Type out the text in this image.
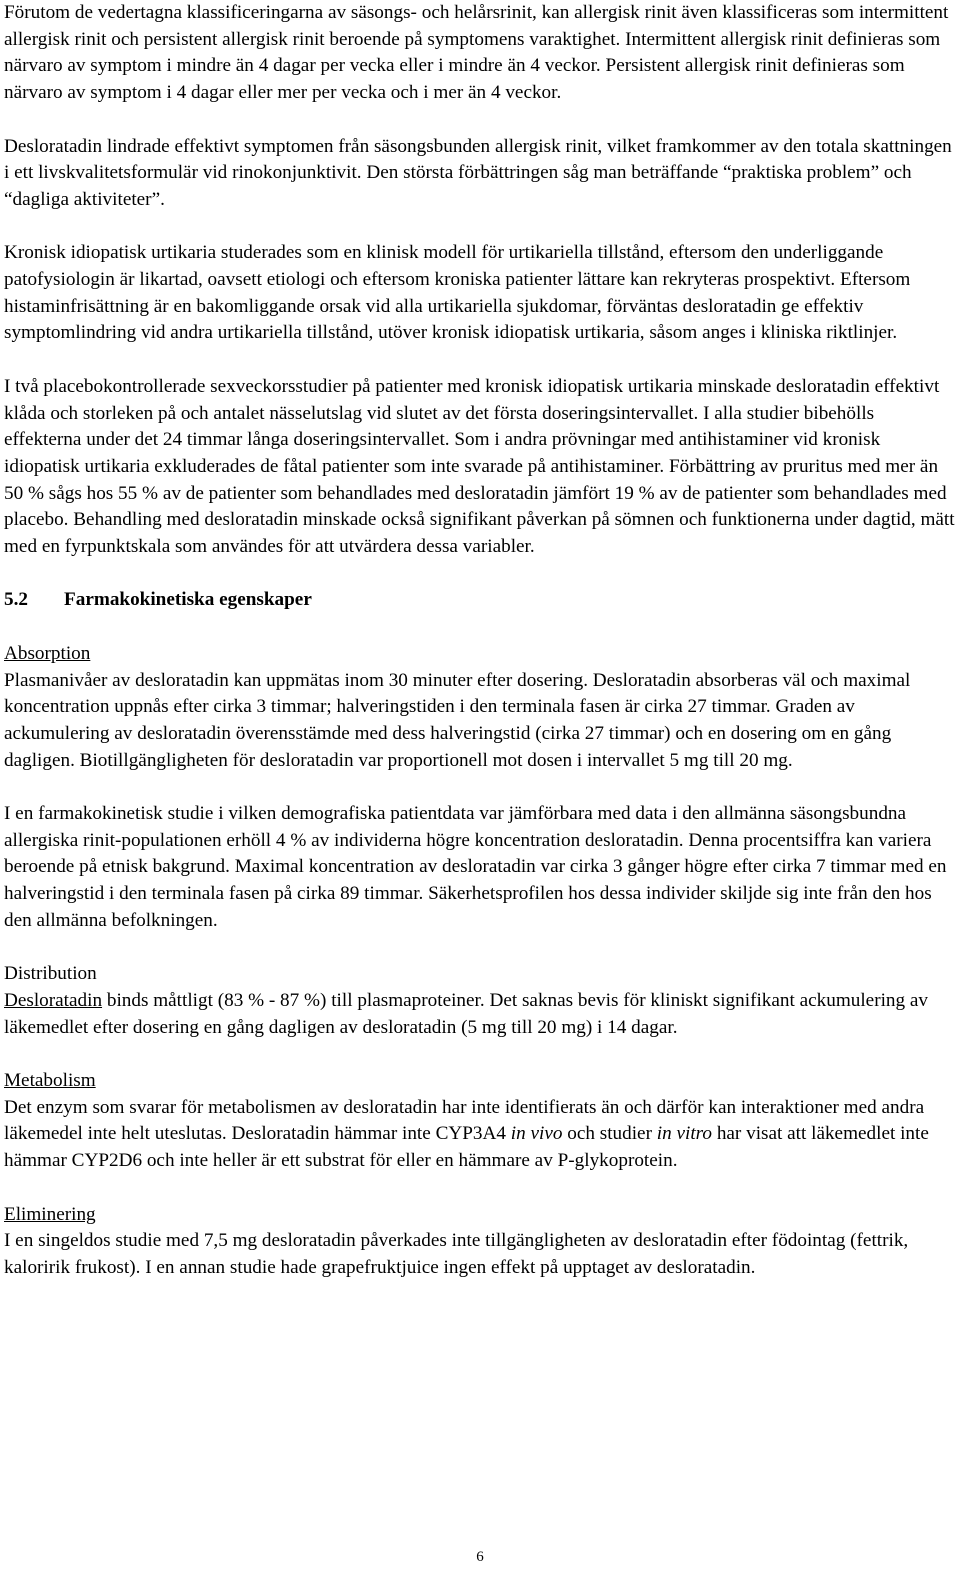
Förutom de vedertagna klassificeringarna av säsongs- och helårsrinit, kan allergisk rinit även klassificeras som intermittent allergisk rinit och persistent allergisk rinit beroende på symptomens varaktighet. Intermittent allergisk rinit definieras som närvaro av symptom i mindre än 4 dagar per vecka eller i mindre än 4 veckor. Persistent allergisk rinit definieras som närvaro av symptom i 4 dagar eller mer per vecka och i mer än 4 veckor.

Desloratadin lindrade effektivt symptomen från säsongsbunden allergisk rinit, vilket framkommer av den totala skattningen i ett livskvalitetsformulär vid rinokonjunktivit. Den största förbättringen såg man beträffande “praktiska problem” och “dagliga aktiviteter”.

Kronisk idiopatisk urtikaria studerades som en klinisk modell för urtikariella tillstånd, eftersom den underliggande patofysiologin är likartad, oavsett etiologi och eftersom kroniska patienter lättare kan rekryteras prospektivt. Eftersom histaminfrisättning är en bakomliggande orsak vid alla urtikariella sjukdomar, förväntas desloratadin ge effektiv symptomlindring vid andra urtikariella tillstånd, utöver kronisk idiopatisk urtikaria, såsom anges i kliniska riktlinjer.

I två placebokontrollerade sexveckorsstudier på patienter med kronisk idiopatisk urtikaria minskade desloratadin effektivt klåda och storleken på och antalet nässelutslag vid slutet av det första doseringsintervallet. I alla studier bibehölls effekterna under det 24 timmar långa doseringsintervallet. Som i andra prövningar med antihistaminer vid kronisk idiopatisk urtikaria exkluderades de fåtal patienter som inte svarade på antihistaminer. Förbättring av pruritus med mer än 50 % sågs hos 55 % av de patienter som behandlades med desloratadin jämfört 19 % av de patienter som behandlades med placebo. Behandling med desloratadin minskade också signifikant påverkan på sömnen och funktionerna under dagtid, mätt med en fyrpunktskala som användes för att utvärdera dessa variabler.

5.2 Farmakokinetiska egenskaper

Absorption

Plasmanivåer av desloratadin kan uppmätas inom 30 minuter efter dosering. Desloratadin absorberas väl och maximal koncentration uppnås efter cirka 3 timmar; halveringstiden i den terminala fasen är cirka 27 timmar. Graden av ackumulering av desloratadin överensstämde med dess halveringstid (cirka 27 timmar) och en dosering om en gång dagligen. Biotillgängligheten för desloratadin var proportionell mot dosen i intervallet 5 mg till 20 mg.

I en farmakokinetisk studie i vilken demografiska patientdata var jämförbara med data i den allmänna säsongsbundna allergiska rinit-populationen erhöll 4 % av individerna högre koncentration desloratadin. Denna procentsiffra kan variera beroende på etnisk bakgrund. Maximal koncentration av desloratadin var cirka 3 gånger högre efter cirka 7 timmar med en halveringstid i den terminala fasen på cirka 89 timmar. Säkerhetsprofilen hos dessa individer skiljde sig inte från den hos den allmänna befolkningen.

Distribution

Desloratadin binds måttligt (83 % - 87 %) till plasmaproteiner. Det saknas bevis för kliniskt signifikant ackumulering av läkemedlet efter dosering en gång dagligen av desloratadin (5 mg till 20 mg) i 14 dagar.

Metabolism

Det enzym som svarar för metabolismen av desloratadin har inte identifierats än och därför kan interaktioner med andra läkemedel inte helt uteslutas. Desloratadin hämmar inte CYP3A4 in vivo och studier in vitro har visat att läkemedlet inte hämmar CYP2D6 och inte heller är ett substrat för eller en hämmare av P-glykoprotein.

Eliminering

I en singeldos studie med 7,5 mg desloratadin påverkades inte tillgängligheten av desloratadin efter födointag (fettrik, kaloririk frukost). I en annan studie hade grapefruktjuice ingen effekt på upptaget av desloratadin.

6
